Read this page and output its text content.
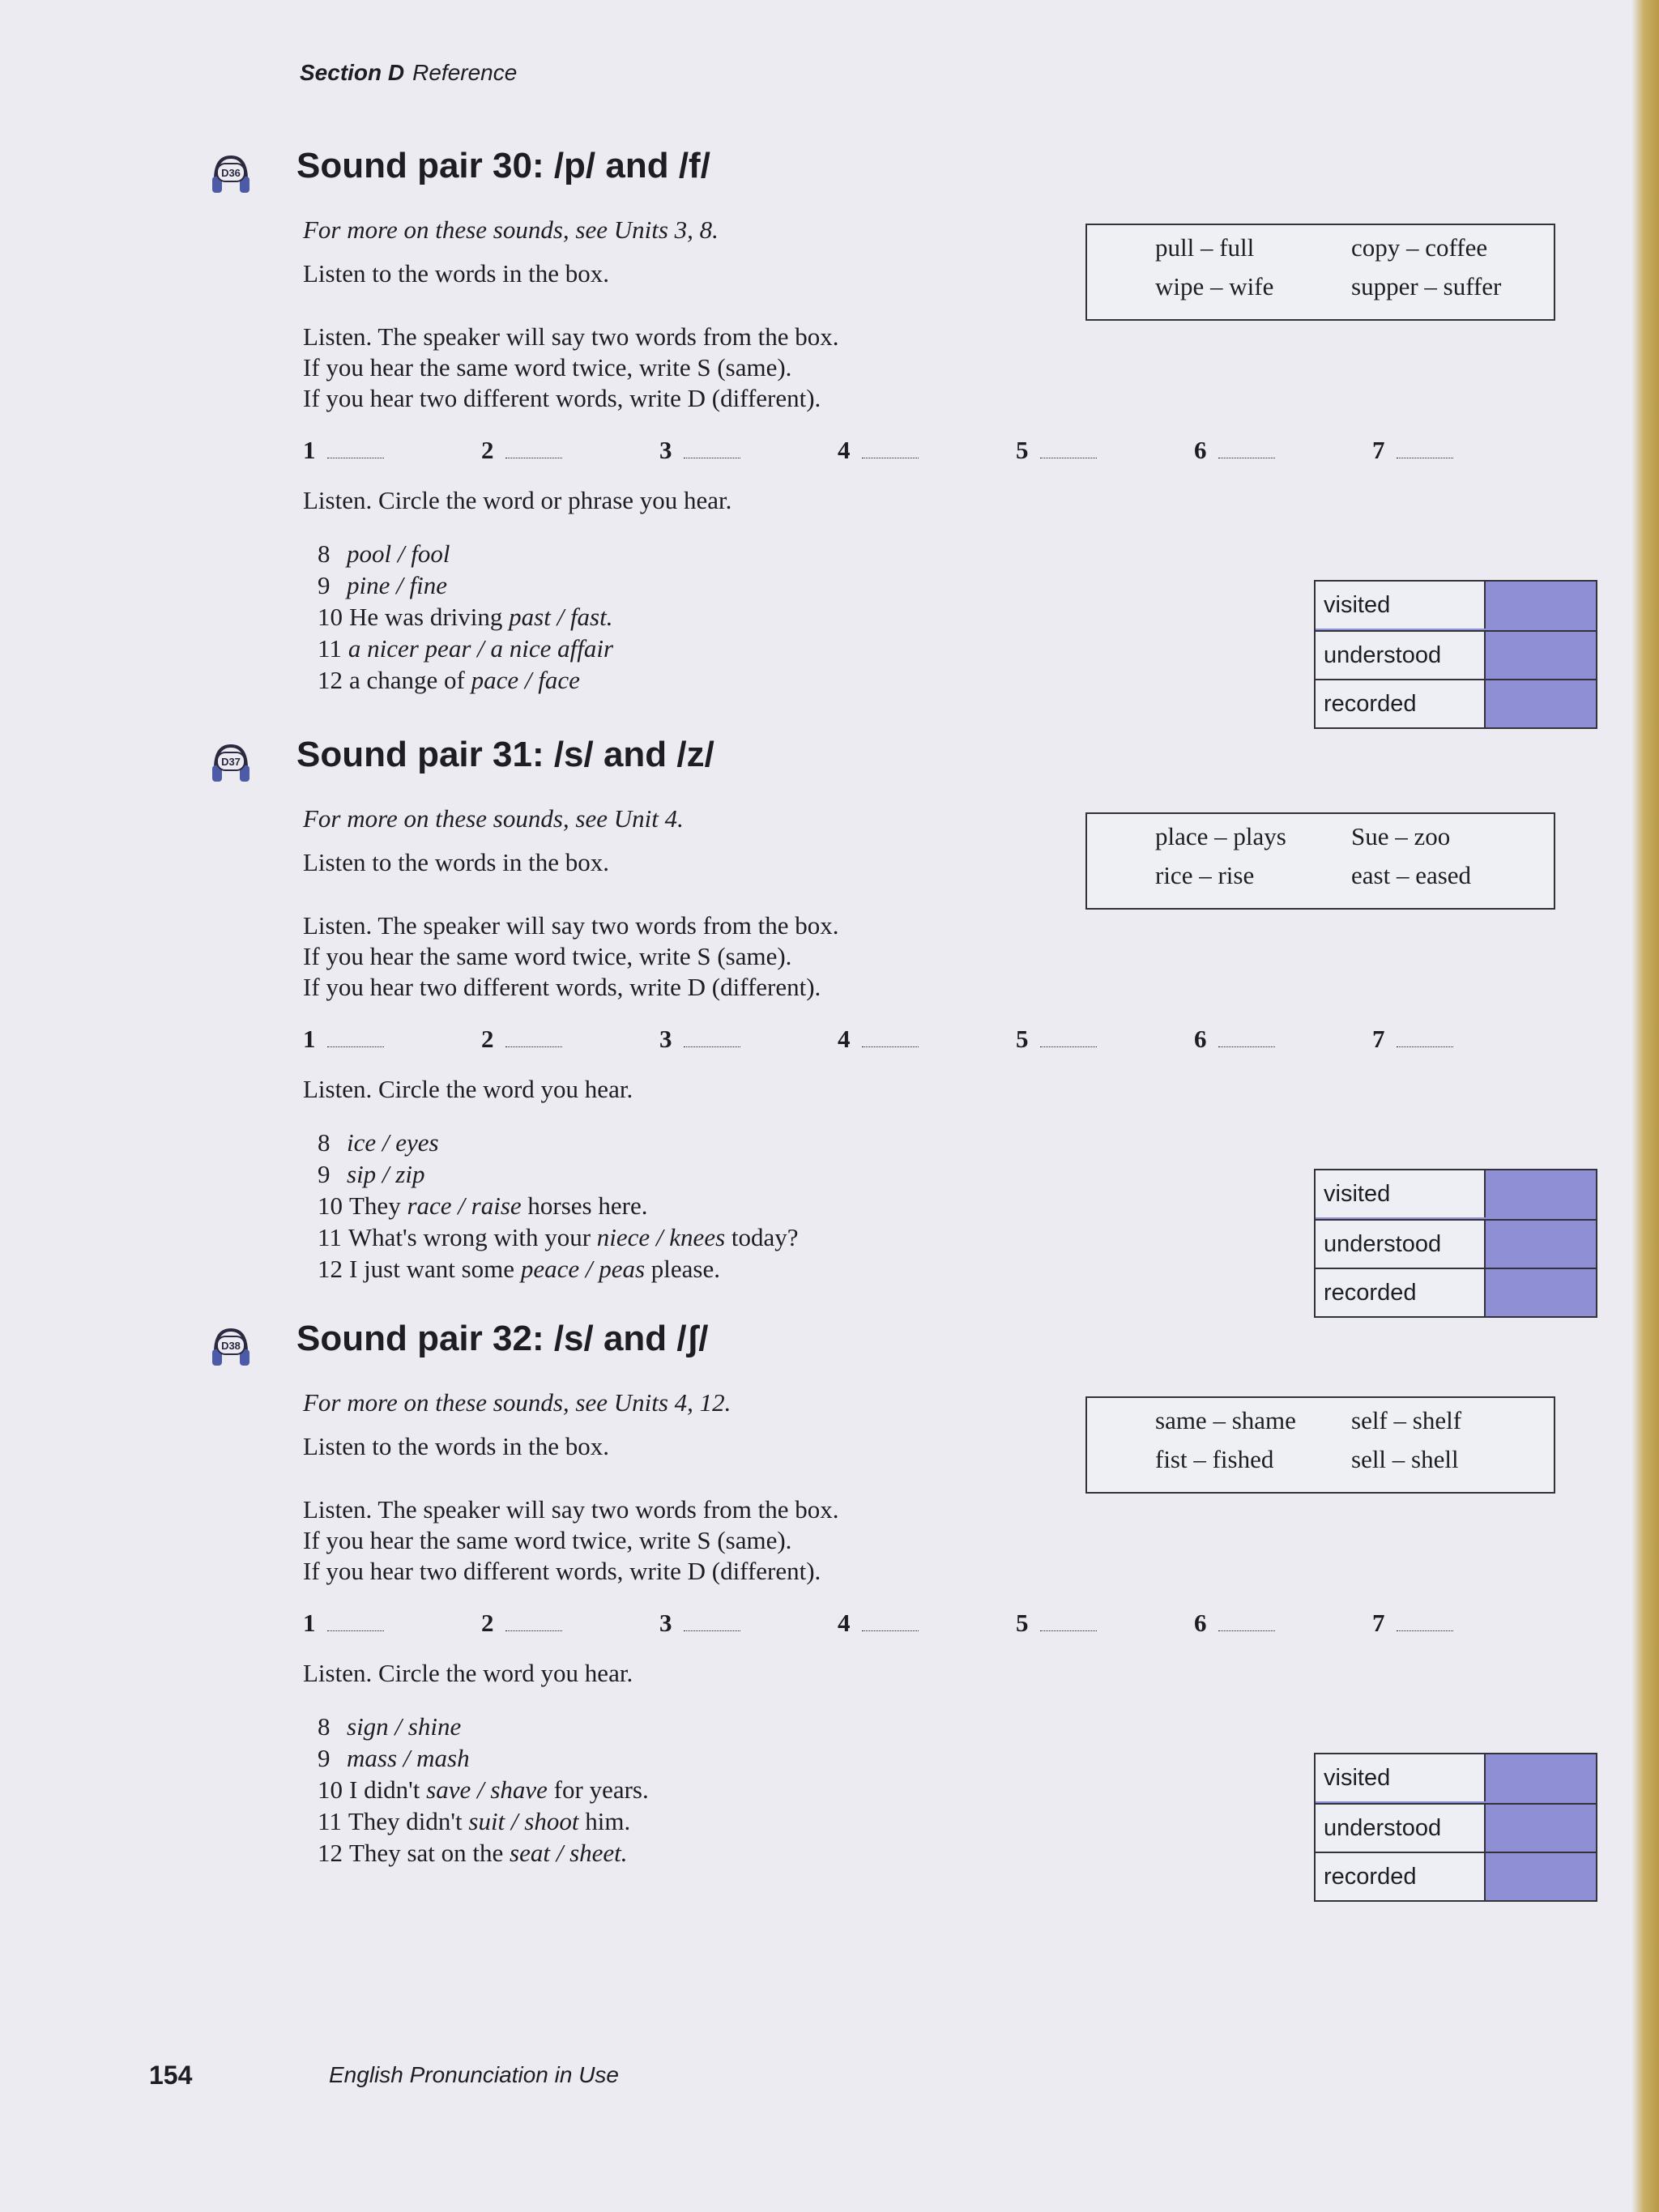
Section D Reference
D36 Sound pair 30: /p/ and /f/
For more on these sounds, see Units 3, 8.
Listen to the words in the box.
Listen. The speaker will say two words from the box.
If you hear the same word twice, write S (same).
If you hear two different words, write D (different).
1	2	3	4	5	6	7
Listen. Circle the word or phrase you hear.
8 pool / fool
9 pine / fine
10 He was driving past / fast.
11 a nicer pear / a nice affair
12 a change of pace / face
pull – full	copy – coffee
wipe – wife	supper – suffer
visited
understood
recorded
D37 Sound pair 31: /s/ and /z/
For more on these sounds, see Unit 4.
Listen to the words in the box.
Listen. The speaker will say two words from the box.
If you hear the same word twice, write S (same).
If you hear two different words, write D (different).
1	2	3	4	5	6	7
Listen. Circle the word you hear.
8 ice / eyes
9 sip / zip
10 They race / raise horses here.
11 What's wrong with your niece / knees today?
12 I just want some peace / peas please.
place – plays	Sue – zoo
rice – rise	east – eased
visited
understood
recorded
D38 Sound pair 32: /s/ and /ʃ/
For more on these sounds, see Units 4, 12.
Listen to the words in the box.
Listen. The speaker will say two words from the box.
If you hear the same word twice, write S (same).
If you hear two different words, write D (different).
1	2	3	4	5	6	7
Listen. Circle the word you hear.
8 sign / shine
9 mass / mash
10 I didn't save / shave for years.
11 They didn't suit / shoot him.
12 They sat on the seat / sheet.
same – shame self – shelf
fist – fished	sell – shell
visited
understood
recorded
154	English Pronunciation in Use
